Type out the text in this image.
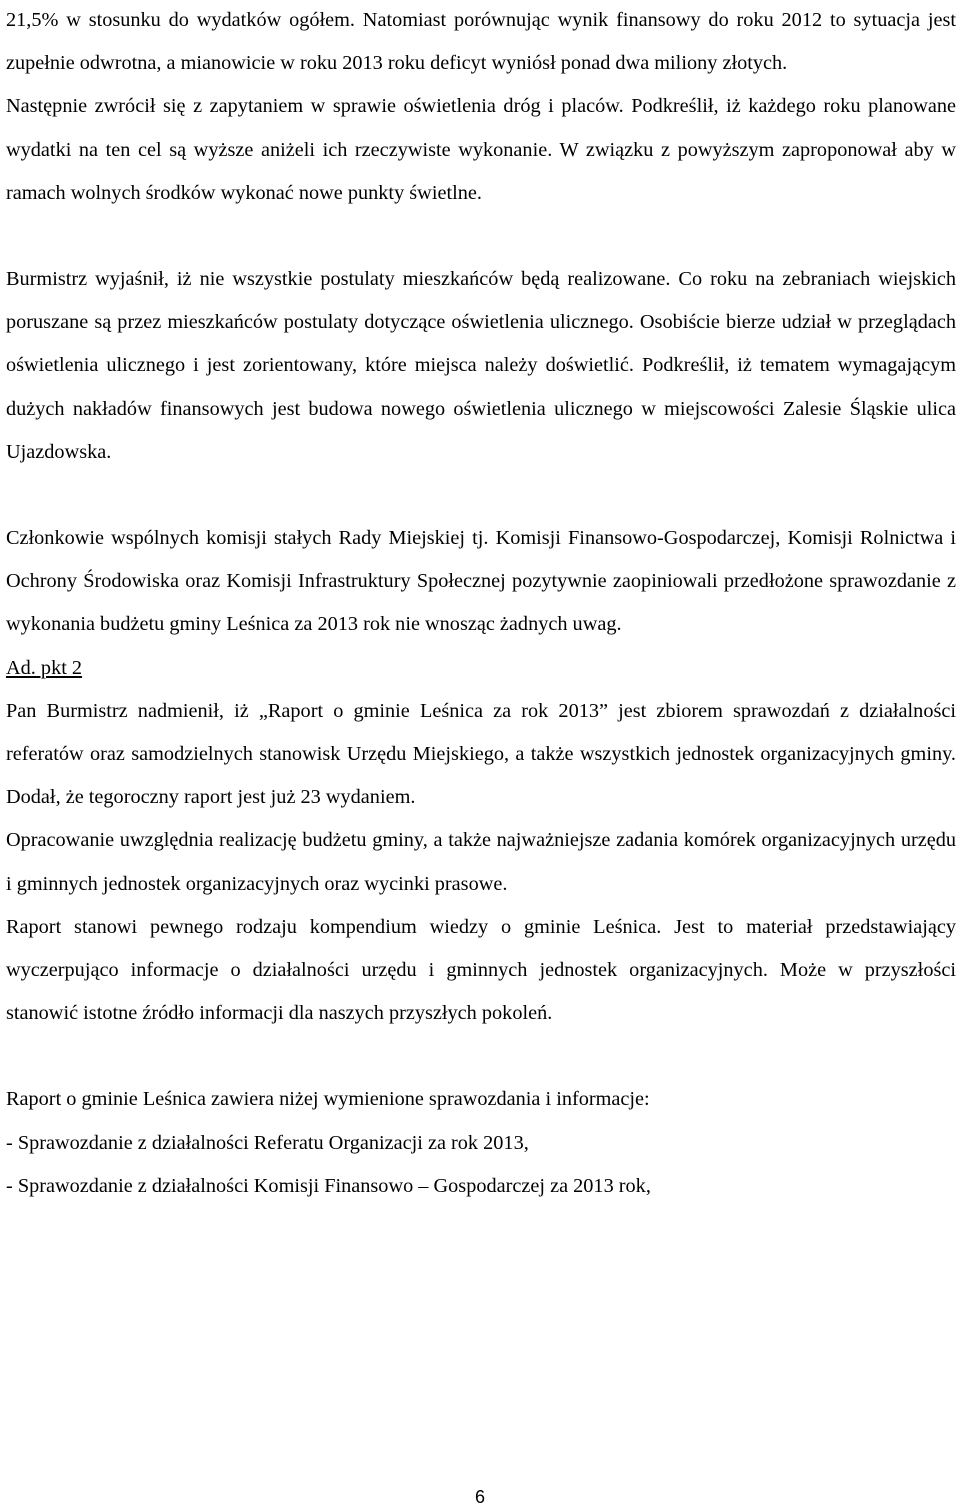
21,5% w stosunku do wydatków ogółem. Natomiast porównując wynik finansowy do roku 2012 to sytuacja jest zupełnie odwrotna, a mianowicie w roku 2013 roku deficyt wyniósł ponad dwa miliony złotych.

Następnie zwrócił się z zapytaniem w sprawie oświetlenia dróg i placów. Podkreślił, iż każdego roku planowane wydatki na ten cel są wyższe aniżeli ich rzeczywiste wykonanie. W związku z powyższym zaproponował aby w ramach wolnych środków wykonać nowe punkty świetlne.

Burmistrz wyjaśnił, iż nie wszystkie postulaty mieszkańców będą realizowane. Co roku na zebraniach wiejskich poruszane są przez mieszkańców postulaty dotyczące oświetlenia ulicznego. Osobiście bierze udział w przeglądach oświetlenia ulicznego i jest zorientowany, które miejsca należy doświetlić. Podkreślił, iż tematem wymagającym dużych nakładów finansowych jest budowa nowego oświetlenia ulicznego w miejscowości Zalesie Śląskie ulica Ujazdowska.

Członkowie wspólnych komisji stałych Rady Miejskiej tj. Komisji Finansowo-Gospodarczej, Komisji Rolnictwa i Ochrony Środowiska oraz Komisji Infrastruktury Społecznej pozytywnie zaopiniowali przedłożone sprawozdanie z wykonania budżetu gminy Leśnica za 2013 rok nie wnosząc żadnych uwag.

Ad. pkt 2

Pan Burmistrz nadmienił, iż „Raport o gminie Leśnica za rok 2013” jest zbiorem sprawozdań z działalności referatów oraz samodzielnych stanowisk Urzędu Miejskiego, a także wszystkich jednostek organizacyjnych gminy. Dodał, że tegoroczny raport jest już 23 wydaniem.

Opracowanie uwzględnia realizację budżetu gminy, a także najważniejsze zadania komórek organizacyjnych urzędu i gminnych jednostek organizacyjnych oraz wycinki prasowe.

Raport stanowi pewnego rodzaju kompendium wiedzy o gminie Leśnica. Jest to materiał przedstawiający wyczerpująco informacje o działalności urzędu i gminnych jednostek organizacyjnych. Może w przyszłości stanowić istotne źródło informacji dla naszych przyszłych pokoleń.

Raport o gminie Leśnica zawiera niżej wymienione sprawozdania i informacje:

- Sprawozdanie z działalności Referatu Organizacji za rok 2013,
- Sprawozdanie z działalności Komisji Finansowo – Gospodarczej za 2013 rok,
6
